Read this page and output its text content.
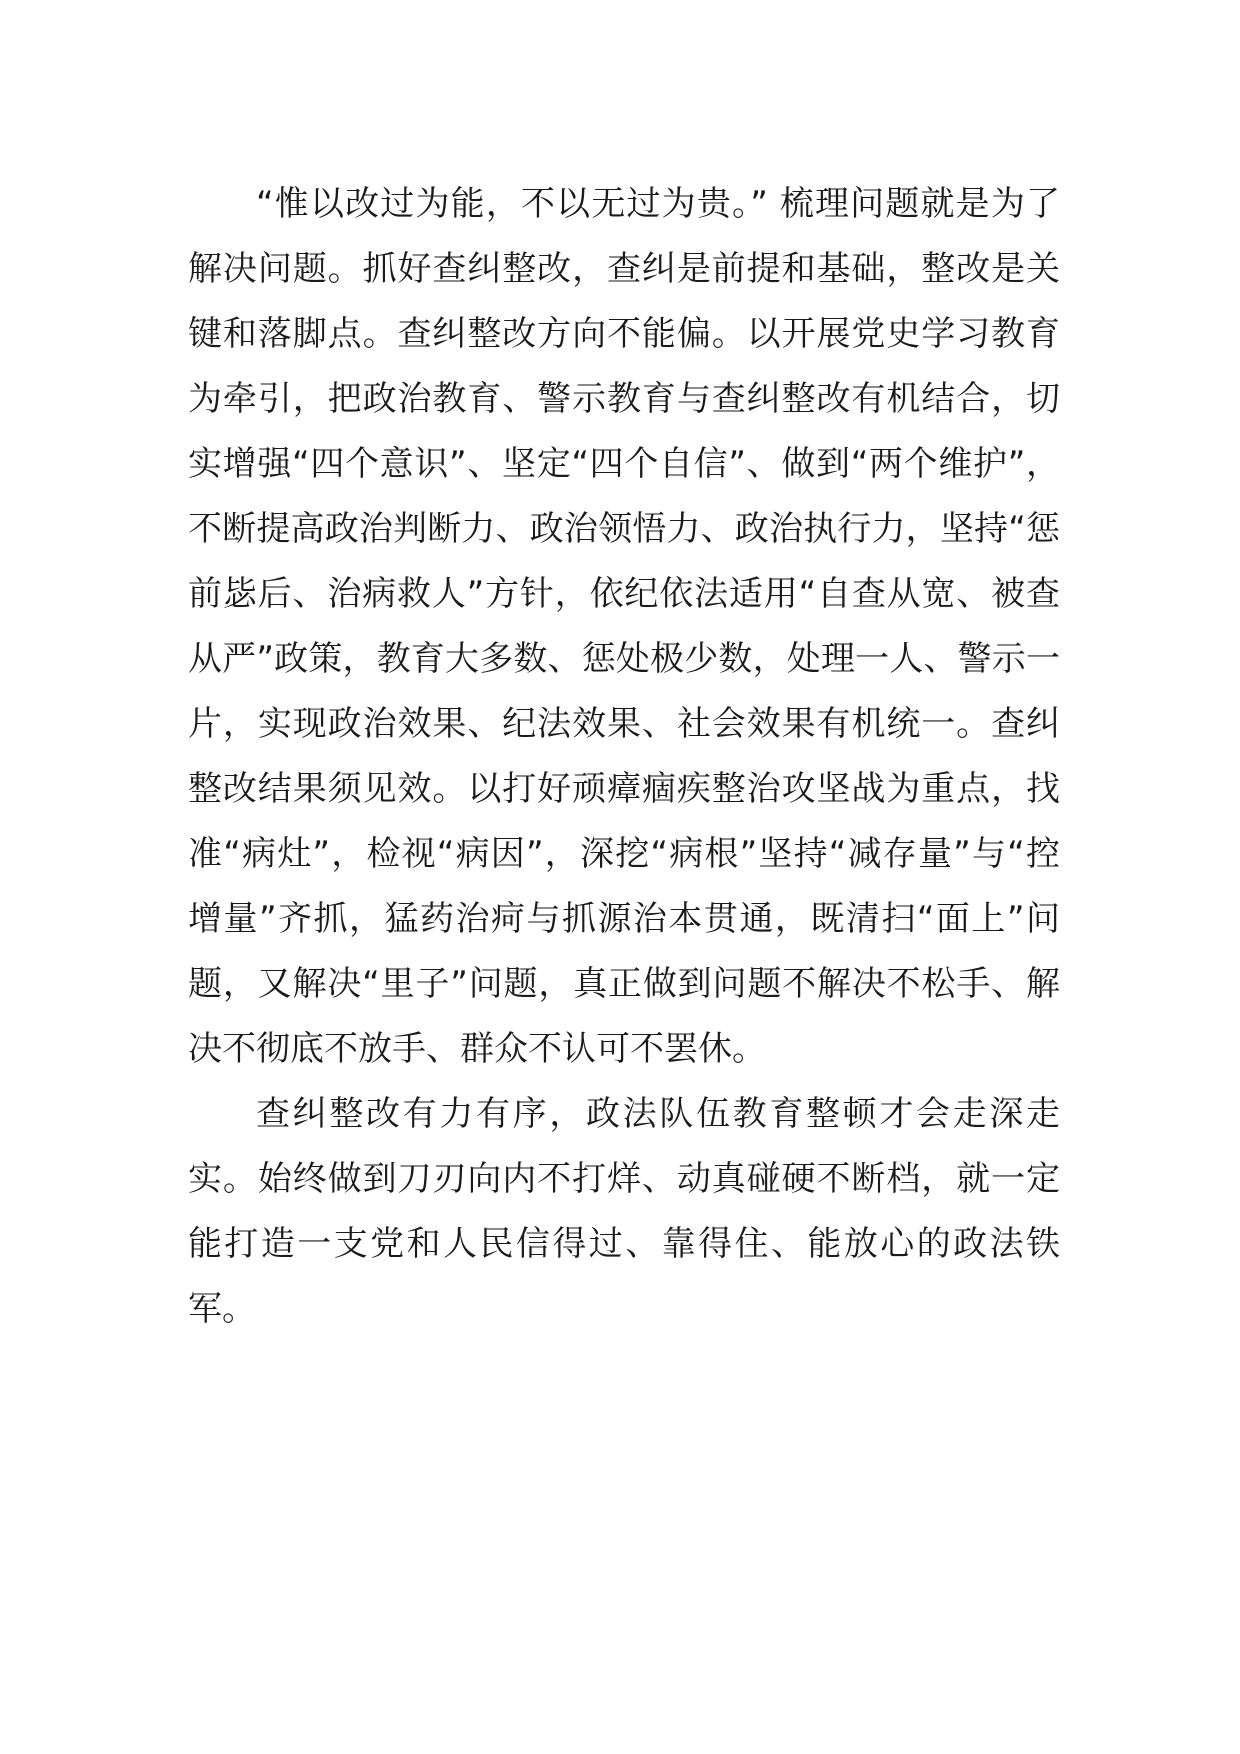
“惟以改过为能，不以无过为贵。” 梳理问题就是为了解决问题。抓好查纠整改，查纠是前提和基础，整改是关键和落脚点。查纠整改方向不能偏。以开展党史学习教育为牵引，把政治教育、警示教育与查纠整改有机结合，切实增强“四个意识”、坚定“四个自信”、做到“两个维护”，不断提高政治判断力、政治领悟力、政治执行力，坚持“惩前毖后、治病救人”方针，依纪依法适用“自查从宽、被查从严”政策，教育大多数、惩处极少数，处理一人、警示一片，实现政治效果、纪法效果、社会效果有机统一。查纠整改结果须见效。以打好顽瘴痼疾整治攻坚战为重点，找准“病灶”，检视“病因”，深挖“病根”坚持“减存量”与“控增量”齐抓，猛药治疴与抓源治本贯通，既清扫“面上”问题，又解决“里子”问题，真正做到问题不解决不松手、解决不彻底不放手、群众不认可不罢休。

查纠整改有力有序，政法队伍教育整顿才会走深走实。始终做到刀刃向内不打烊、动真碰硬不断档，就一定能打造一支党和人民信得过、靠得住、能放心的政法铁军。
